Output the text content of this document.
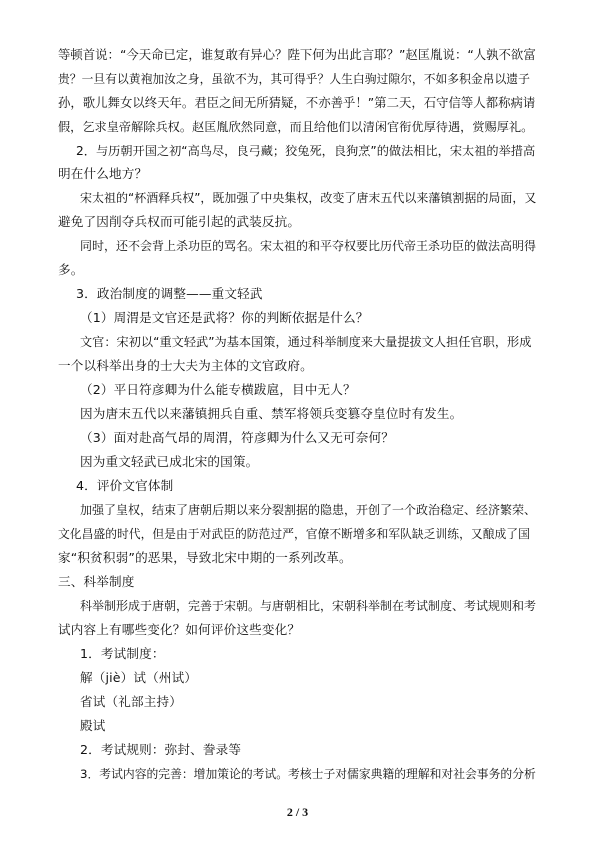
等顿首说：“今天命已定，谁复敢有异心？陛下何为出此言耶？”赵匡胤说：“人孰不欲富
贵？一旦有以黄袍加汝之身，虽欲不为，其可得乎？人生白驹过隙尔，不如多积金帛以遗子
孙，歌儿舞女以终天年。君臣之间无所猜疑，不亦善乎！”第二天，石守信等人都称病请
假，乞求皇帝解除兵权。赵匡胤欣然同意，而且给他们以清闲官衔优厚待遇，赏赐厚礼。
2．与历朝开国之初“高鸟尽，良弓藏；狡兔死，良狗烹”的做法相比，宋太祖的举措高
明在什么地方？
宋太祖的“杯酒释兵权”，既加强了中央集权，改变了唐末五代以来藩镇割据的局面，又
避免了因削夺兵权而可能引起的武装反抗。
同时，还不会背上杀功臣的骂名。宋太祖的和平夺权要比历代帝王杀功臣的做法高明得
多。
3．政治制度的调整——重文轻武
（1）周渭是文官还是武将？你的判断依据是什么？
文官：宋初以“重文轻武”为基本国策，通过科举制度来大量提拔文人担任官职，形成
一个以科举出身的士大夫为主体的文官政府。
（2）平日符彦卿为什么能专横跋扈，目中无人？
因为唐末五代以来藩镇拥兵自重、禁军将领兵变篡夺皇位时有发生。
（3）面对赴高气昂的周渭，符彦卿为什么又无可奈何？
因为重文轻武已成北宋的国策。
4．评价文官体制
加强了皇权，结束了唐朝后期以来分裂割据的隐患，开创了一个政治稳定、经济繁荣、
文化昌盛的时代，但是由于对武臣的防范过严，官僚不断增多和军队缺乏训练，又酿成了国
家“积贫积弱”的恶果，导致北宋中期的一系列改革。
三、科举制度
科举制形成于唐朝，完善于宋朝。与唐朝相比，宋朝科举制在考试制度、考试规则和考
试内容上有哪些变化？如何评价这些变化？
1．考试制度：
解（jiè）试（州试）
省试（礼部主持）
殿试
2．考试规则：弥封、誊录等
3．考试内容的完善：增加策论的考试。考核士子对儒家典籍的理解和对社会事务的分析
2 / 3
